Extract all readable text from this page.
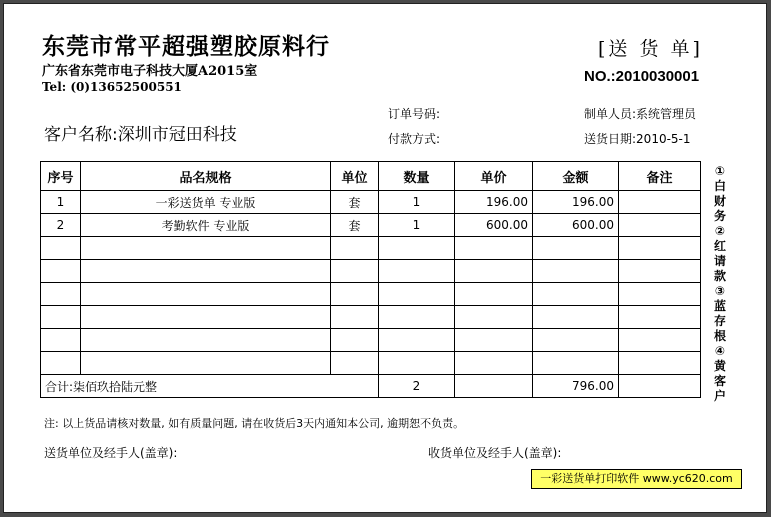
东莞市常平超强塑胶原料行
广东省东莞市电子科技大厦A2015室
Tel: (0)13652500551
[送 货 单]
NO.:2010030001
订单号码:
付款方式:
制单人员:系统管理员
送货日期:2010-5-1
客户名称:深圳市冠田科技
序号	品名规格	单位	数量	单价	金额	备注
1	一彩送货单 专业版	套	1	196.00	196.00	
2	考勤软件 专业版	套	1	600.00	600.00	

合计:柒佰玖拾陆元整			2		796.00	
①
白
财
务
②
红
请
款
③
蓝
存
根
④
黄
客
户
注: 以上货品请核对数量, 如有质量问题, 请在收货后3天内通知本公司, 逾期恕不负责。
送货单位及经手人(盖章):	收货单位及经手人(盖章):
一彩送货单打印软件 www.yc620.com
